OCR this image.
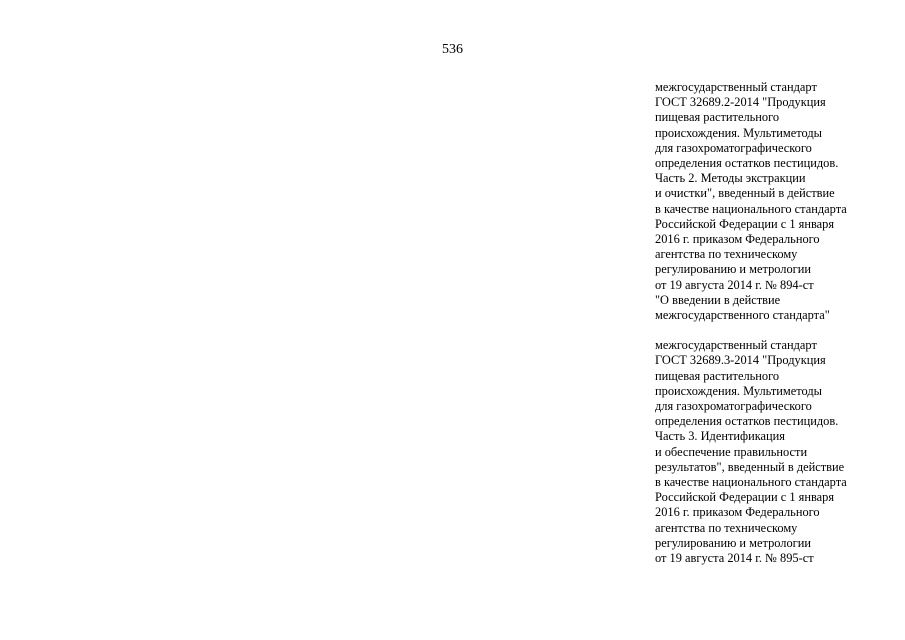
536
межгосударственный стандарт
ГОСТ 32689.2-2014 "Продукция
пищевая растительного
происхождения. Мультиметоды
для газохроматографического
определения остатков пестицидов.
Часть 2. Методы экстракции
и очистки", введенный в действие
в качестве национального стандарта
Российской Федерации с 1 января
2016 г. приказом Федерального
агентства по техническому
регулированию и метрологии
от 19 августа 2014 г. № 894-ст
"О введении в действие
межгосударственного стандарта"
межгосударственный стандарт
ГОСТ 32689.3-2014 "Продукция
пищевая растительного
происхождения. Мультиметоды
для газохроматографического
определения остатков пестицидов.
Часть 3. Идентификация
и обеспечение правильности
результатов", введенный в действие
в качестве национального стандарта
Российской Федерации с 1 января
2016 г. приказом Федерального
агентства по техническому
регулированию и метрологии
от 19 августа 2014 г. № 895-ст
